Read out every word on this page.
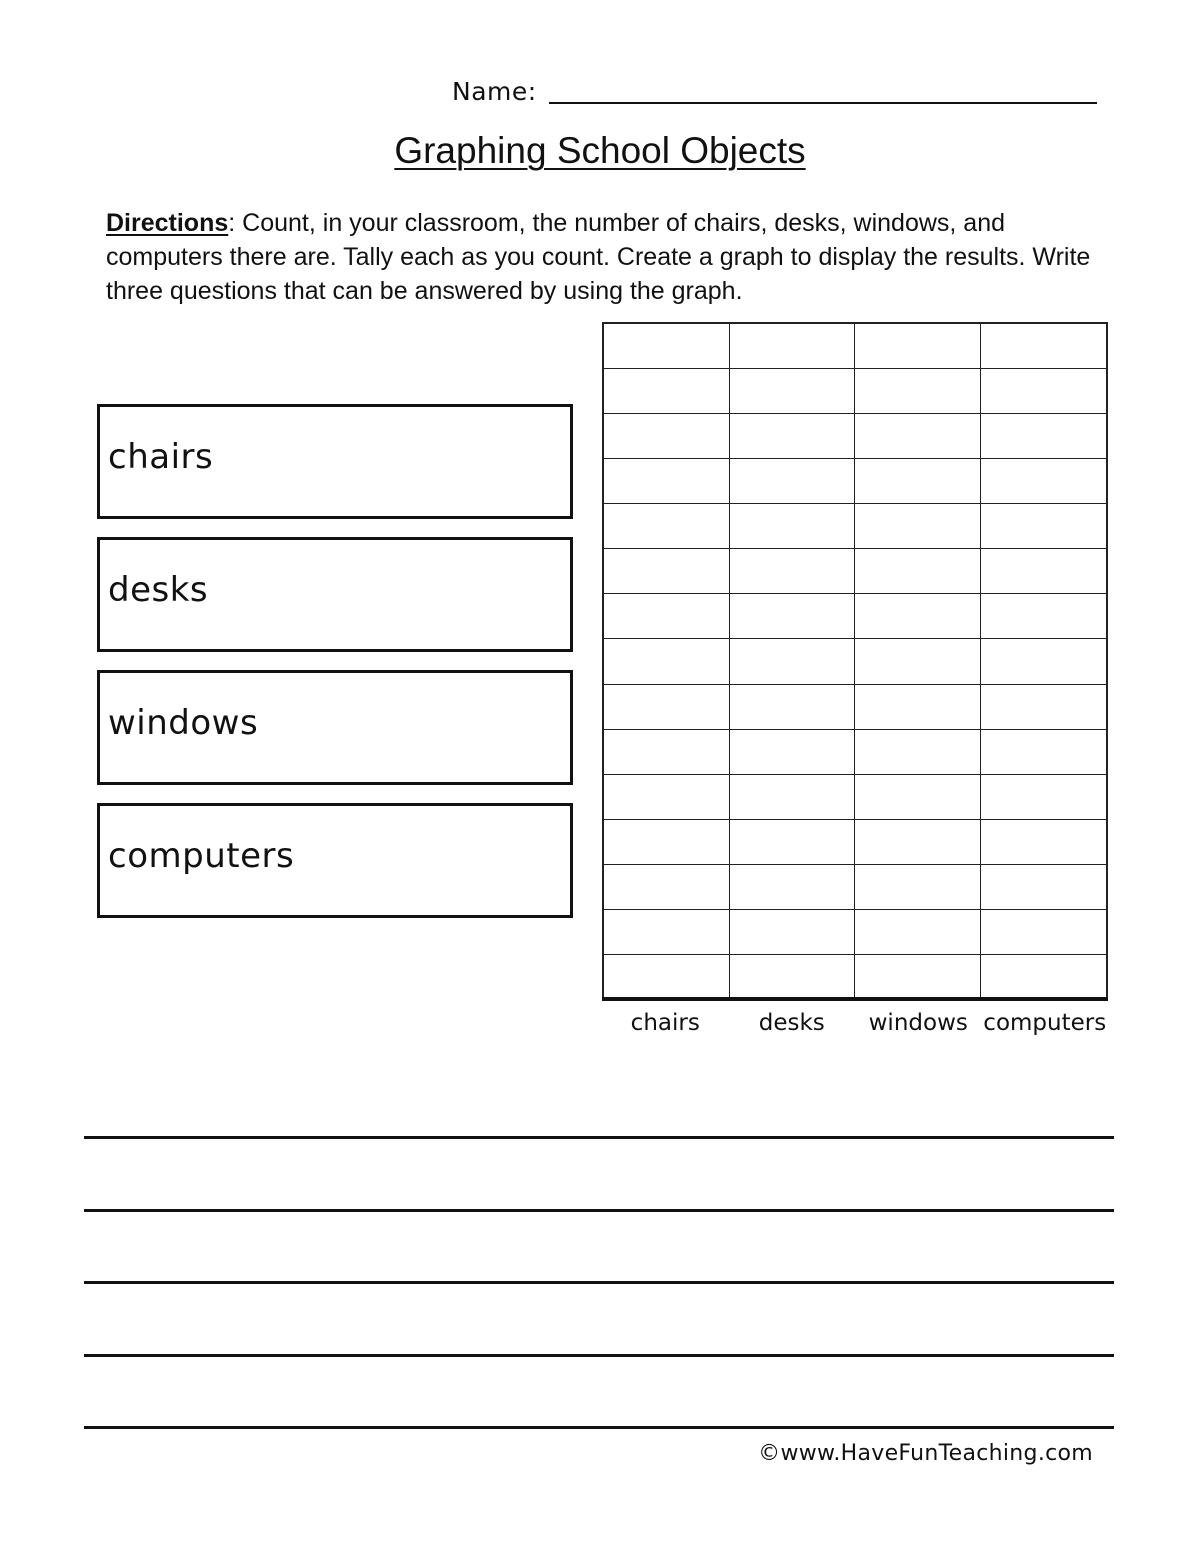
Name:
Graphing School Objects
Directions: Count, in your classroom, the number of chairs, desks, windows, and computers there are. Tally each as you count. Create a graph to display the results. Write three questions that can be answered by using the graph.
chairs
desks
windows
computers
chairs	desks	windows computers
©www.HaveFunTeaching.com
